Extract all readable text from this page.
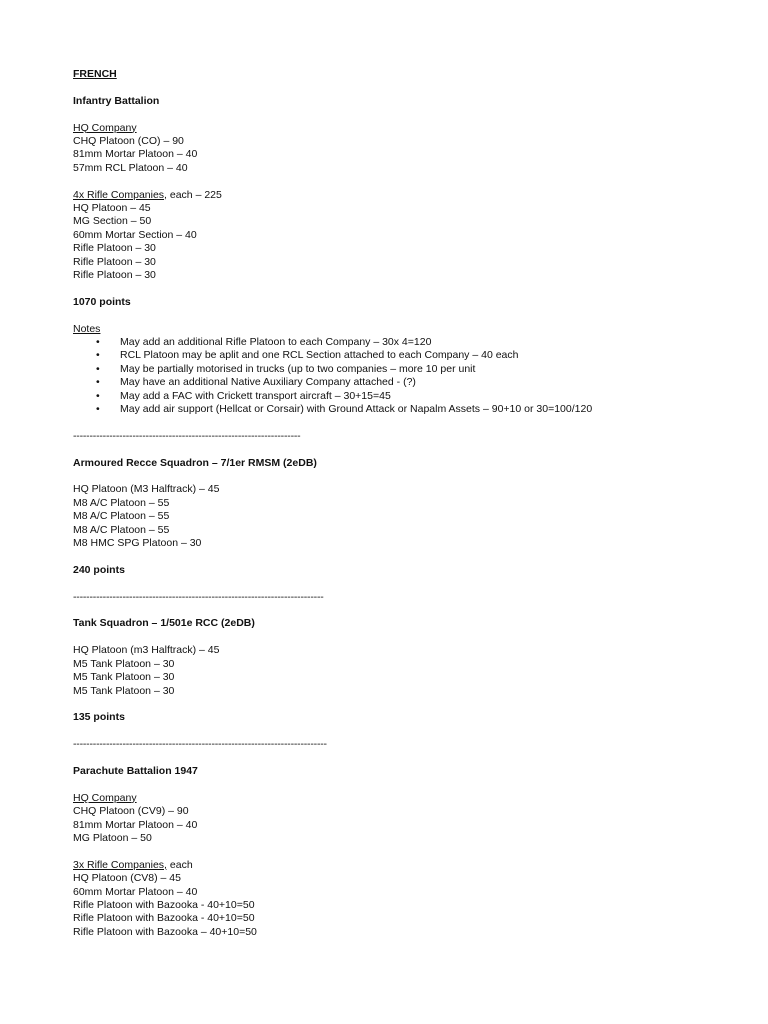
FRENCH
Infantry Battalion
HQ Company
CHQ Platoon (CO) – 90
81mm Mortar Platoon – 40
57mm RCL Platoon – 40
4x Rifle Companies, each – 225
HQ Platoon – 45
MG Section – 50
60mm Mortar Section – 40
Rifle Platoon – 30
Rifle Platoon – 30
Rifle Platoon – 30
1070 points
Notes
• May add an additional Rifle Platoon to each Company – 30x 4=120
• RCL Platoon may be aplit and one RCL Section attached to each Company – 40 each
• May be partially motorised in trucks (up to two companies – more 10 per unit
• May have an additional Native Auxiliary Company attached - (?)
• May add a FAC with Crickett transport aircraft – 30+15=45
• May add air support (Hellcat or Corsair) with Ground Attack or Napalm Assets – 90+10 or 30=100/120
---------------------------------------------------------------------
Armoured Recce Squadron – 7/1er RMSM (2eDB)
HQ Platoon (M3 Halftrack) – 45
M8 A/C Platoon – 55
M8 A/C Platoon – 55
M8 A/C Platoon – 55
M8 HMC SPG Platoon – 30
240 points
----------------------------------------------------------------------------
Tank Squadron – 1/501e RCC (2eDB)
HQ Platoon (m3 Halftrack) – 45
M5 Tank Platoon – 30
M5 Tank Platoon – 30
M5 Tank Platoon – 30
135 points
-----------------------------------------------------------------------------
Parachute Battalion 1947
HQ Company
CHQ Platoon (CV9) – 90
81mm Mortar Platoon – 40
MG Platoon – 50
3x Rifle Companies, each
HQ Platoon (CV8) – 45
60mm Mortar Platoon – 40
Rifle Platoon with Bazooka - 40+10=50
Rifle Platoon with Bazooka - 40+10=50
Rifle Platoon with Bazooka – 40+10=50
